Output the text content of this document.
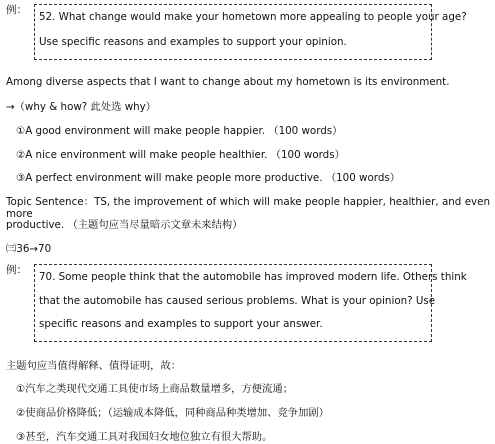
例：
52. What change would make your hometown more appealing to people your age?
Use specific reasons and examples to support your opinion.
Among diverse aspects that I want to change about my hometown is its environment.
→（why & how? 此处选 why）
①A good environment will make people happier. （100 words）
②A nice environment will make people healthier. （100 words）
③A perfect environment will make people more productive. （100 words）
Topic Sentence：TS, the improvement of which will make people happier, healthier, and even more
productive. （主题句应当尽量暗示文章未来结构）
㈢36→70
例：
70. Some people think that the automobile has improved modern life. Others think
that the automobile has caused serious problems. What is your opinion? Use
specific reasons and examples to support your answer.
主题句应当值得解释、值得证明，故：
①汽车之类现代交通工具使市场上商品数量增多，方便流通；
②使商品价格降低；（运输成本降低，同种商品种类增加、竞争加剧）
③甚至，汽车交通工具对我国妇女地位独立有很大帮助。
